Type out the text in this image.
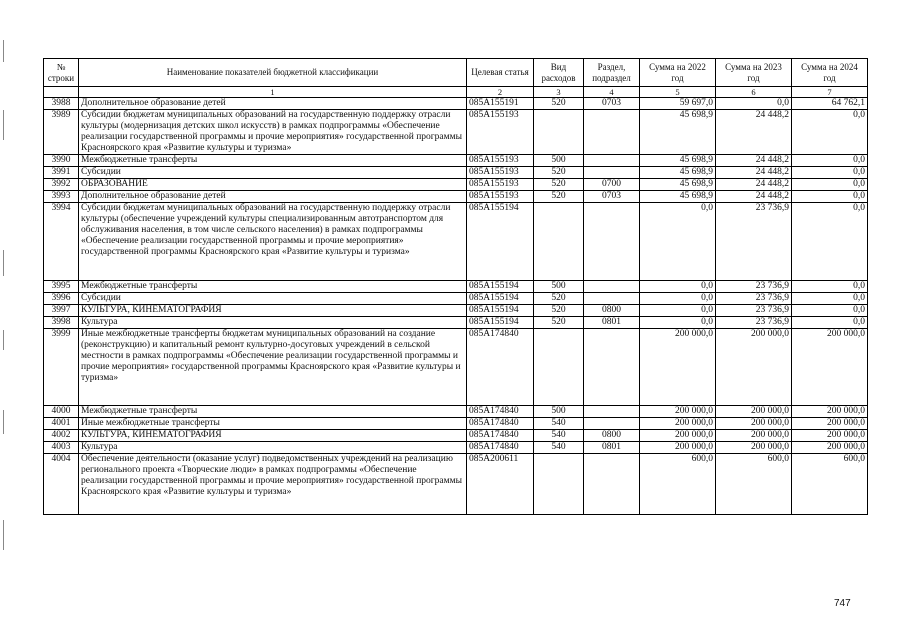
№ строки	Наименование показателей бюджетной классификации	Целевая статья	Вид расходов	Раздел, подраздел	Сумма на 2022 год	Сумма на 2023 год	Сумма на 2024 год
	1	2	3	4	5	6	7
3988	Дополнительное образование детей	085A155191	520	0703	59 697,0	0,0	64 762,1
3989	Субсидии бюджетам муниципальных образований на государственную поддержку отрасли культуры (модернизация детских школ искусств) в рамках подпрограммы «Обеспечение реализации государственной программы и прочие мероприятия» государственной программы Красноярского края «Развитие культуры и туризма»	085A155193			45 698,9	24 448,2	0,0
3990	Межбюджетные трансферты	085A155193	500		45 698,9	24 448,2	0,0
3991	Субсидии	085A155193	520		45 698,9	24 448,2	0,0
3992	ОБРАЗОВАНИЕ	085A155193	520	0700	45 698,9	24 448,2	0,0
3993	Дополнительное образование детей	085A155193	520	0703	45 698,9	24 448,2	0,0
3994	Субсидии бюджетам муниципальных образований на государственную поддержку отрасли культуры (обеспечение учреждений культуры специализированным автотранспортом для обслуживания населения, в том числе сельского населения) в рамках подпрограммы «Обеспечение реализации государственной программы и прочие мероприятия» государственной программы Красноярского края «Развитие культуры и туризма»	085A155194			0,0	23 736,9	0,0
3995	Межбюджетные трансферты	085A155194	500		0,0	23 736,9	0,0
3996	Субсидии	085A155194	520		0,0	23 736,9	0,0
3997	КУЛЬТУРА, КИНЕМАТОГРАФИЯ	085A155194	520	0800	0,0	23 736,9	0,0
3998	Культура	085A155194	520	0801	0,0	23 736,9	0,0
3999	Иные межбюджетные трансферты бюджетам муниципальных образований на создание (реконструкцию) и капитальный ремонт культурно-досуговых учреждений в сельской местности в рамках подпрограммы «Обеспечение реализации государственной программы и прочие мероприятия» государственной программы Красноярского края «Развитие культуры и туризма»	085A174840			200 000,0	200 000,0	200 000,0
4000	Межбюджетные трансферты	085A174840	500		200 000,0	200 000,0	200 000,0
4001	Иные межбюджетные трансферты	085A174840	540		200 000,0	200 000,0	200 000,0
4002	КУЛЬТУРА, КИНЕМАТОГРАФИЯ	085A174840	540	0800	200 000,0	200 000,0	200 000,0
4003	Культура	085A174840	540	0801	200 000,0	200 000,0	200 000,0
4004	Обеспечение деятельности (оказание услуг) подведомственных учреждений на реализацию регионального проекта «Творческие люди» в рамках подпрограммы «Обеспечение реализации государственной программы и прочие мероприятия» государственной программы Красноярского края «Развитие культуры и туризма»	085A200611			600,0	600,0	600,0
747
